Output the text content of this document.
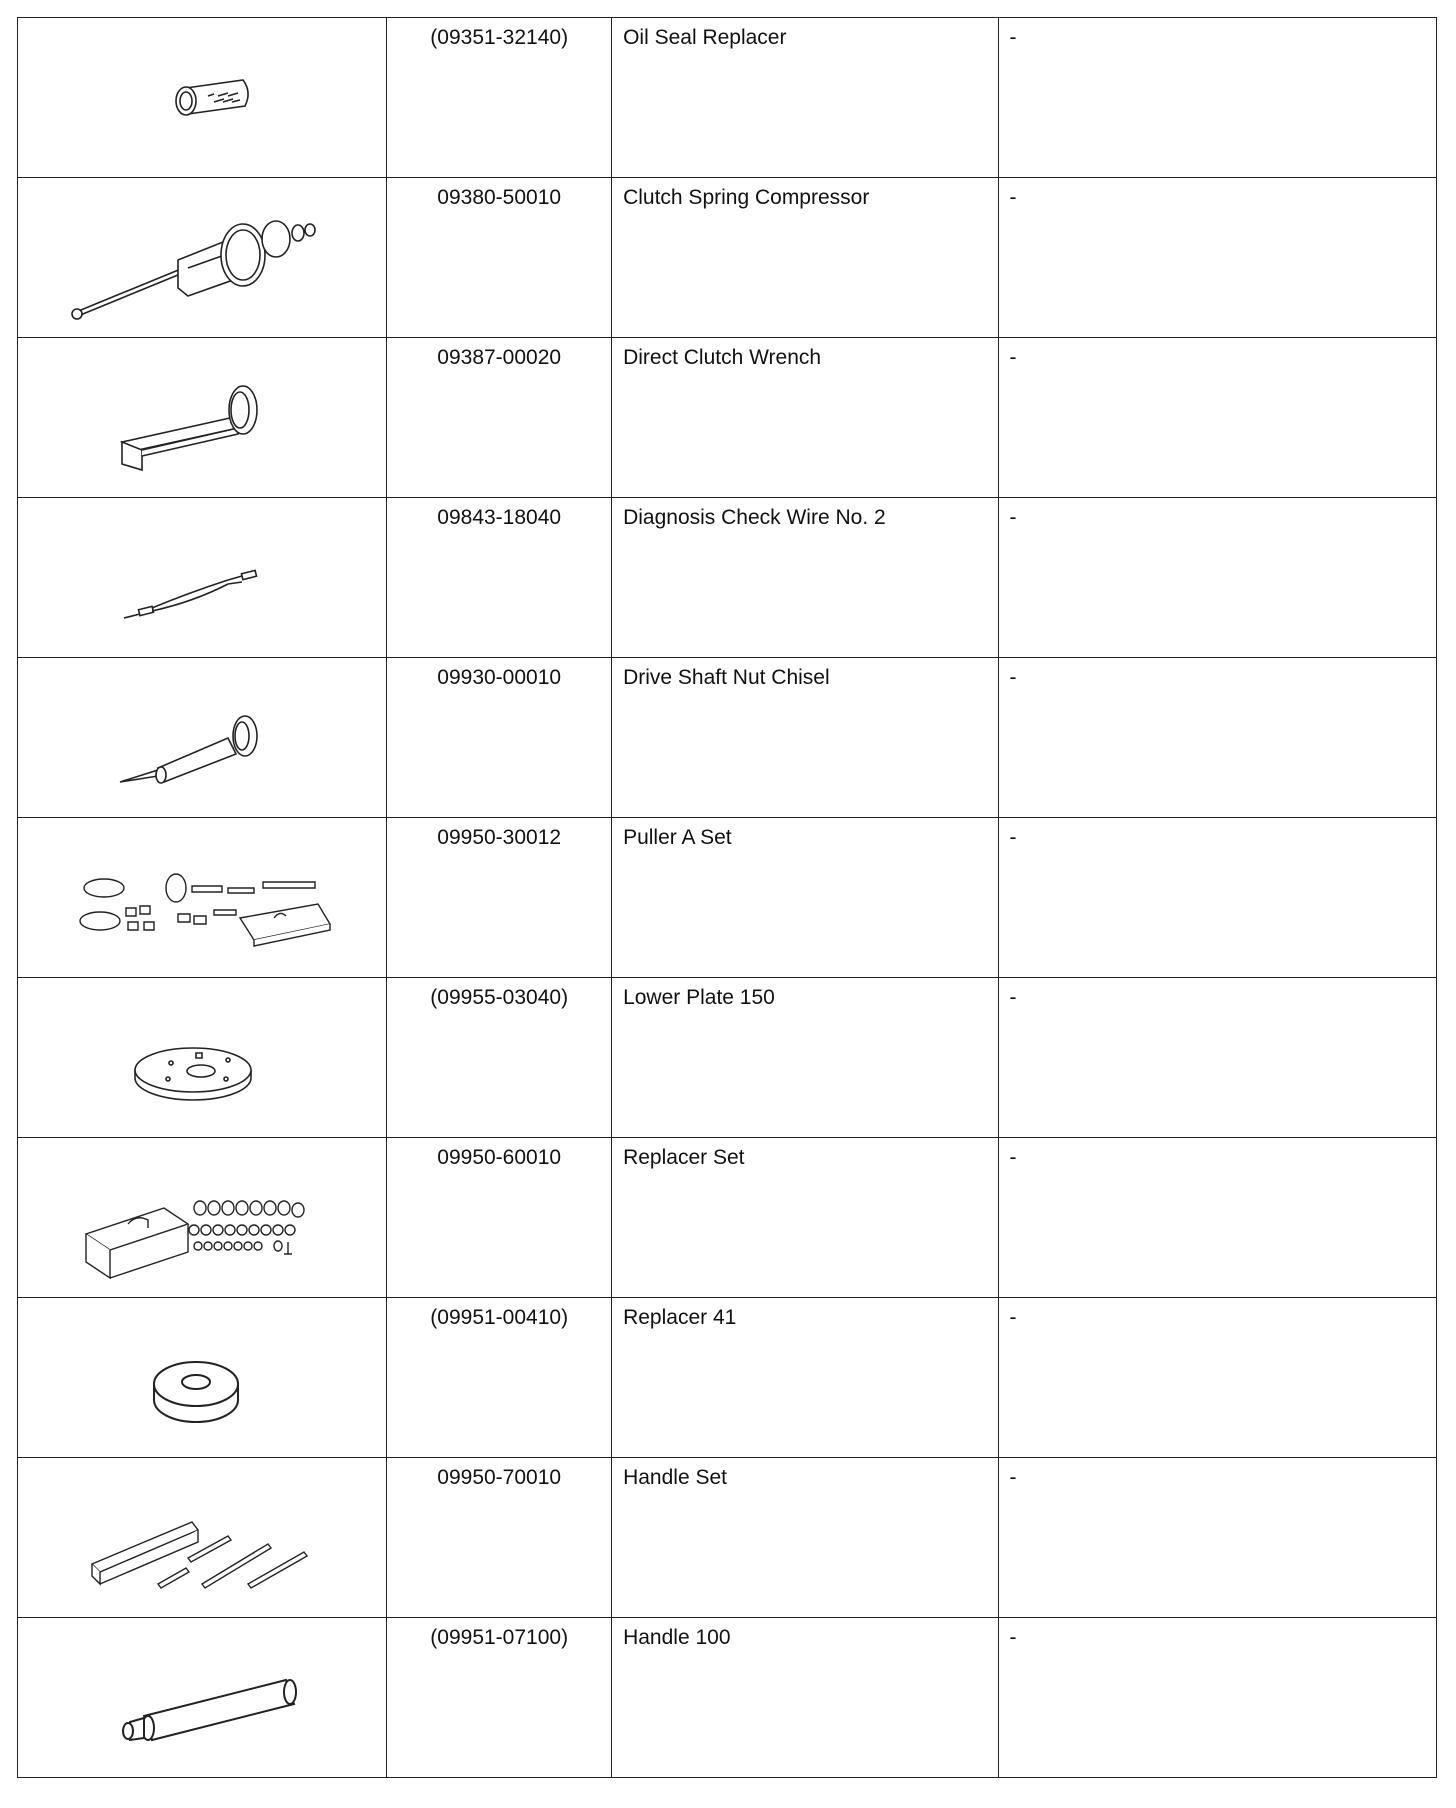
(09351-32140)	Oil Seal Replacer	-

09380-50010	Clutch Spring Compressor	-

09387-00020	Direct Clutch Wrench	-

09843-18040	Diagnosis Check Wire No. 2	-

09930-00010	Drive Shaft Nut Chisel	-

09950-30012	Puller A Set	-

(09955-03040)	Lower Plate 150	-

09950-60010	Replacer Set	-

(09951-00410)	Replacer 41	-

09950-70010	Handle Set	-

(09951-07100)	Handle 100	-
